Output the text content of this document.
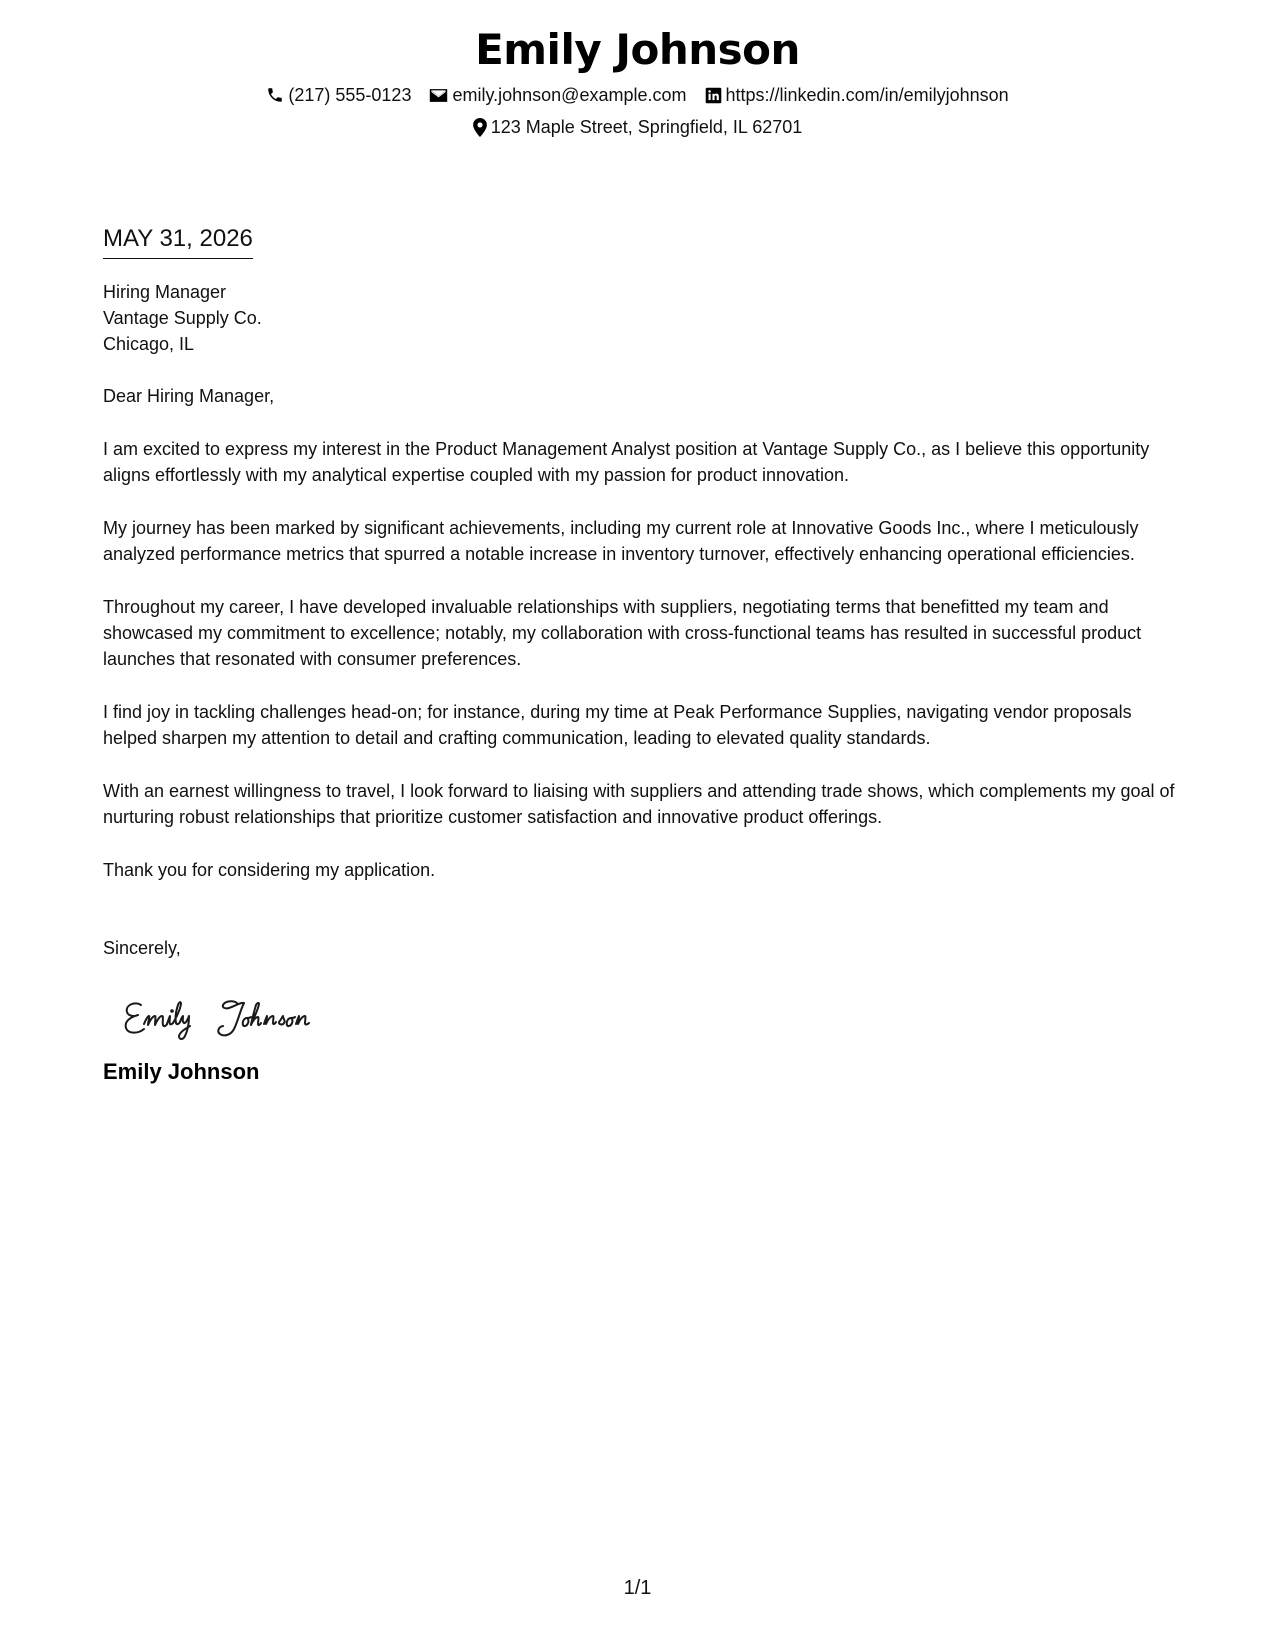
Emily Johnson
(217) 555-0123 emily.johnson@example.com https://linkedin.com/in/emilyjohnson
123 Maple Street, Springfield, IL 62701
MAY 31, 2026
Hiring Manager
Vantage Supply Co.
Chicago, IL
Dear Hiring Manager,
I am excited to express my interest in the Product Management Analyst position at Vantage Supply Co., as I believe this opportunity aligns effortlessly with my analytical expertise coupled with my passion for product innovation.
My journey has been marked by significant achievements, including my current role at Innovative Goods Inc., where I meticulously analyzed performance metrics that spurred a notable increase in inventory turnover, effectively enhancing operational efficiencies.
Throughout my career, I have developed invaluable relationships with suppliers, negotiating terms that benefitted my team and showcased my commitment to excellence; notably, my collaboration with cross-functional teams has resulted in successful product launches that resonated with consumer preferences.
I find joy in tackling challenges head-on; for instance, during my time at Peak Performance Supplies, navigating vendor proposals helped sharpen my attention to detail and crafting communication, leading to elevated quality standards.
With an earnest willingness to travel, I look forward to liaising with suppliers and attending trade shows, which complements my goal of nurturing robust relationships that prioritize customer satisfaction and innovative product offerings.
Thank you for considering my application.
Sincerely,
Emily Johnson
1/1
